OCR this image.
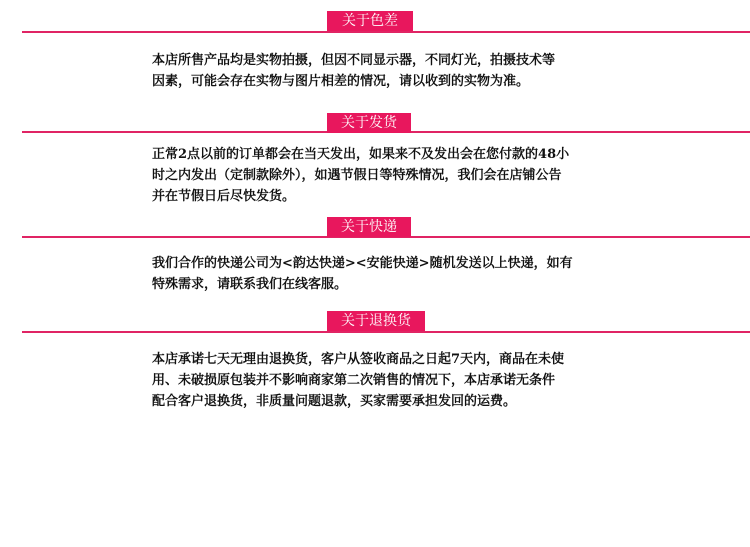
关于色差

本店所售产品均是实物拍摄，但因不同显示器，不同灯光，拍摄技术等
因素，可能会存在实物与图片相差的情况，请以收到的实物为准。

关于发货

正常2点以前的订单都会在当天发出，如果来不及发出会在您付款的48小
时之内发出（定制款除外），如遇节假日等特殊情况，我们会在店铺公告
并在节假日后尽快发货。

关于快递

我们合作的快递公司为<韵达快递><安能快递>随机发送以上快递，如有
特殊需求，请联系我们在线客服。

关于退换货

本店承诺七天无理由退换货，客户从签收商品之日起7天内，商品在未使
用、未破损原包装并不影响商家第二次销售的情况下，本店承诺无条件
配合客户退换货，非质量问题退款，买家需要承担发回的运费。
